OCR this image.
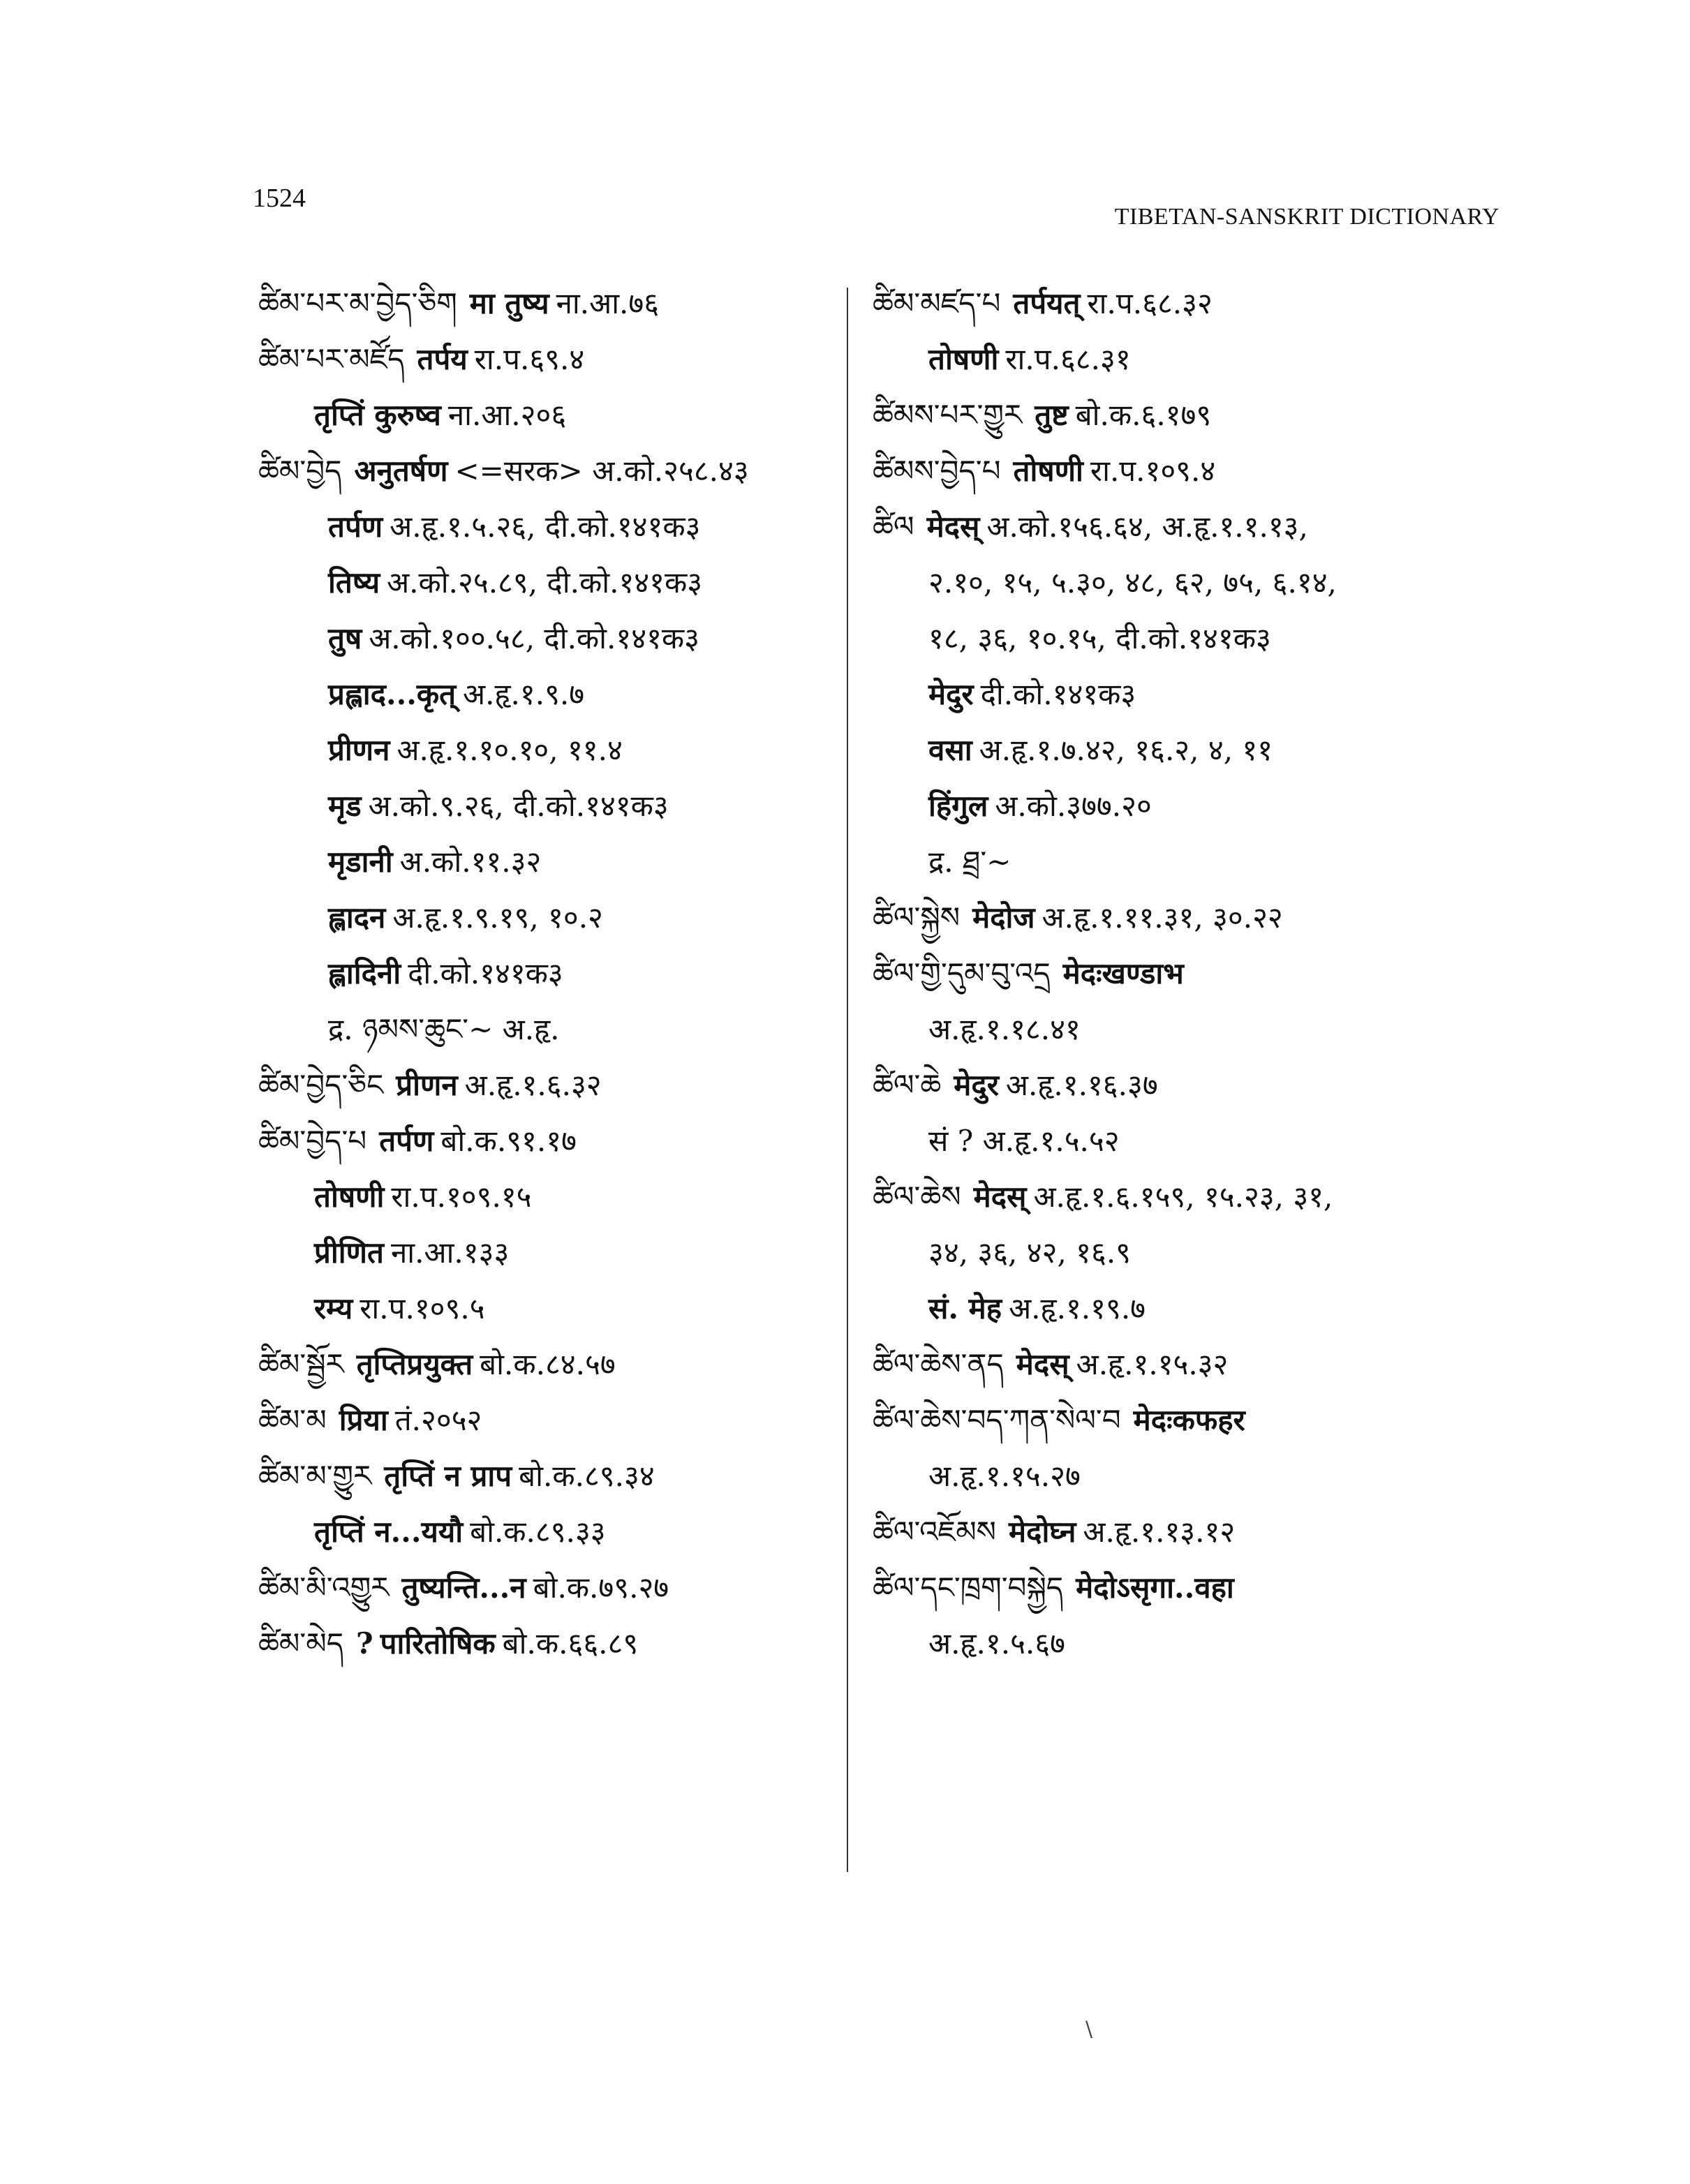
1524
TIBETAN-SANSKRIT DICTIONARY
ཚིམ་པར་མ་བྱེད་ཅིག मा तुष्य ना.आ.७६
ཚིམ་པར་མཛོད तर्पय रा.प.६९.४
तृप्तिं कुरुष्व ना.आ.२०६
ཚིམ་བྱེད अनुतर्षण <=सरक> अ.को.२५८.४३
तर्पण अ.हृ.१.५.२६, दी.को.१४१क३
तिष्य अ.को.२५.८९, दी.को.१४१क३
तुष अ.को.१००.५८, दी.को.१४१क३
प्रह्लाद...कृत् अ.हृ.१.९.७
प्रीणन अ.हृ.१.१०.१०, ११.४
मृड अ.को.९.२६, दी.को.१४१क३
मृडानी अ.को.११.३२
ह्लादन अ.हृ.१.९.१९, १०.२
ह्लादिनी दी.को.१४१क३
द्र. ཉམས་ཆུང་~ अ.हृ.
ཚིམ་བྱེད་ཅིང प्रीणन अ.हृ.१.६.३२
ཚིམ་བྱེད་པ तर्पण बो.क.९१.१७
तोषणी रा.प.१०९.१५
प्रीणित ना.आ.१३३
रम्य रा.प.१०९.५
ཚིམ་སྦྱོར तृप्तिप्रयुक्त बो.क.८४.५७
ཚིམ་མ प्रिया तं.२०५२
ཚིམ་མ་གྱུར तृप्तिं न प्राप बो.क.८९.३४
तृप्तिं न...ययौ बो.क.८९.३३
ཚིམ་མི་འགྱུར तुष्यन्ति...न बो.क.७९.२७
ཚིམ་མེད ? पारितोषिक बो.क.६६.८९
ཚིམ་མཛད་པ तर्पयत् रा.प.६८.३२
तोषणी रा.प.६८.३१
ཚིམས་པར་གྱུར तुष्ट बो.क.६.१७९
ཚིམས་བྱེད་པ तोषणी रा.प.१०९.४
ཚིལ मेदस् अ.को.१५६.६४, अ.हृ.१.१.१३,
२.१०, १५, ५.३०, ४८, ६२, ७५, ६.१४,
१८, ३६, १०.१५, दी.को.१४१क३
मेदुर दी.को.१४१क३
वसा अ.हृ.१.७.४२, १६.२, ४, ११
हिंगुल अ.को.३७७.२०
द्र. ཐྲ་~
ཚིལ་སྐྱེས मेदोज अ.हृ.१.११.३१, ३०.२२
ཚིལ་གྱི་དུམ་བུ་འདྲ मेदःखण्डाभ
अ.हृ.१.१८.४१
ཚིལ་ཆེ मेदुर अ.हृ.१.१६.३७
सं ? अ.हृ.१.५.५२
ཚིལ་ཆེས मेदस् अ.हृ.१.६.१५९, १५.२३, ३१,
३४, ३६, ४२, १६.९
सं. मेह अ.हृ.१.१९.७
ཚིལ་ཆེས་ནད मेदस् अ.हृ.१.१५.३२
ཚིལ་ཆེས་བད་ཀན་སེལ་བ मेदःकफहर
अ.हृ.१.१५.२७
ཚིལ་འཇོམས मेदोघ्न अ.हृ.१.१३.१२
ཚིལ་དང་ཁྲག་བསྐྱེད मेदोऽसृगा..वहा
अ.हृ.१.५.६७
\
